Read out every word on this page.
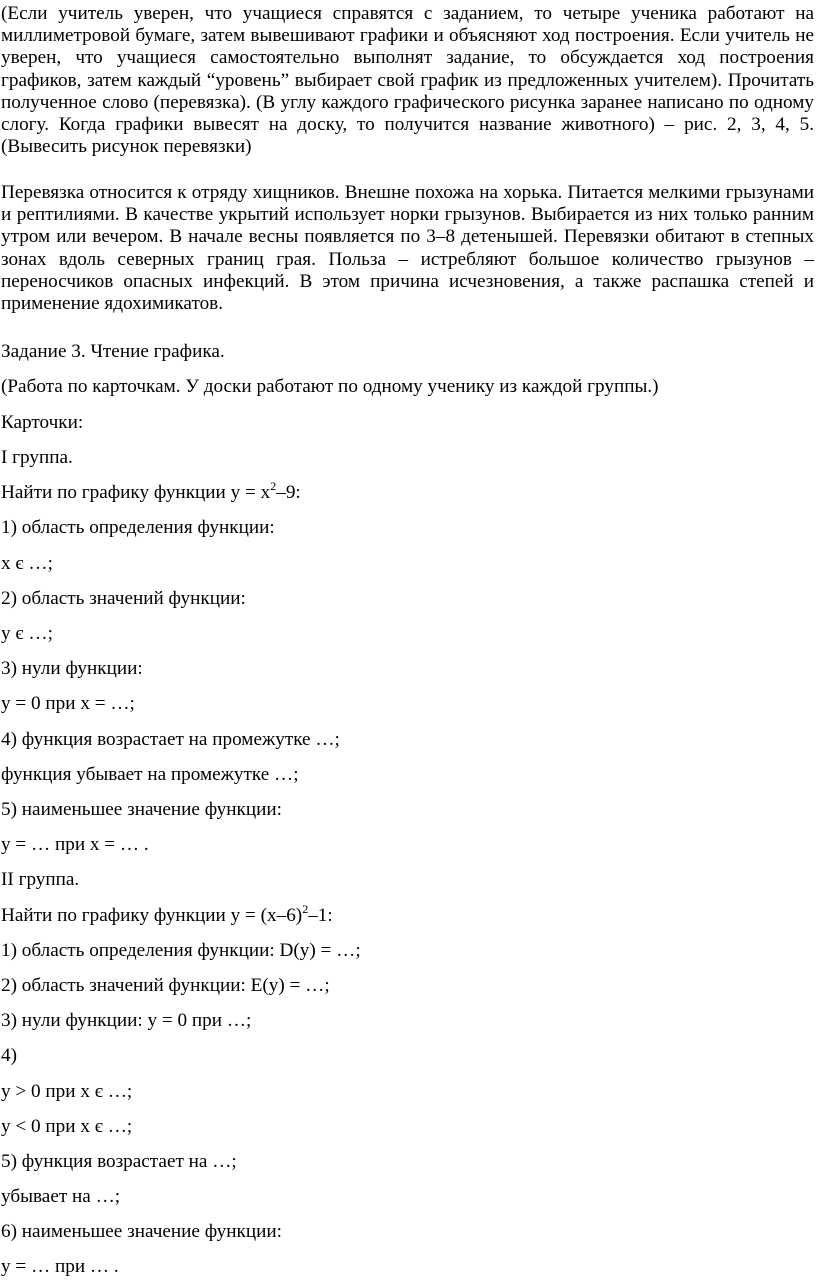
(Если учитель уверен, что учащиеся справятся с заданием, то четыре ученика работают на миллиметровой бумаге, затем вывешивают графики и объясняют ход построения. Если учитель не уверен, что учащиеся самостоятельно выполнят задание, то обсуждается ход построения графиков, затем каждый “уровень” выбирает свой график из предложенных учителем). Прочитать полученное слово (перевязка). (В углу каждого графического рисунка заранее написано по одному слогу. Когда графики вывесят на доску, то получится название животного) – рис. 2, 3, 4, 5. (Вывесить рисунок перевязки)

Перевязка относится к отряду хищников. Внешне похожа на хорька. Питается мелкими грызунами и рептилиями. В качестве укрытий использует норки грызунов. Выбирается из них только ранним утром или вечером. В начале весны появляется по 3–8 детенышей. Перевязки обитают в степных зонах вдоль северных границ грая. Польза – истребляют большое количество грызунов – переносчиков опасных инфекций. В этом причина исчезновения, а также распашка степей и применение ядохимикатов.

Задание 3. Чтение графика.

(Работа по карточкам. У доски работают по одному ученику из каждой группы.)

Карточки:

I группа.

Найти по графику функции $y = x^2-9$:

1) область определения функции:

x є …;

2) область значений функции:

y є …;

3) нули функции:

y = 0 при x = …;

4) функция возрастает на промежутке …;

функция убывает на промежутке …;

5) наименьшее значение функции:

y = … при x = … .

II группа.

Найти по графику функции $y = (x-6)^2-1$:

1) область определения функции: D(y) = …;

2) область значений функции: E(y) = …;

3) нули функции: y = 0 при …;

4)

y > 0 при x є …;

y < 0 при x є …;

5) функция возрастает на …;

убывает на …;

6) наименьшее значение функции:

y = … при … .
